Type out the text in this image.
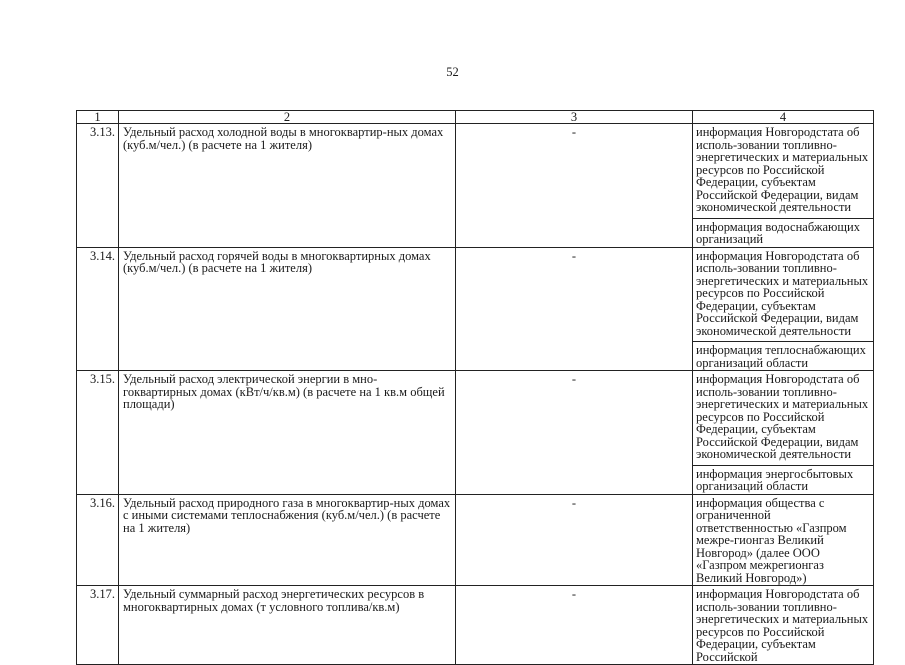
52
1	2	3	4
3.13.	Удельный расход холодной воды в многоквартир-ных домах (куб.м/чел.) (в расчете на 1 жителя)	-	информация Новгородстата об исполь-зовании топливно-энергетических и материальных ресурсов по Российской Федерации, субъектам Российской Федерации, видам экономической деятельности
информация водоснабжающих организаций

3.14.	Удельный расход горячей воды в многоквартирных домах (куб.м/чел.) (в расчете на 1 жителя)	-	информация Новгородстата об исполь-зовании топливно-энергетических и материальных ресурсов по Российской Федерации, субъектам Российской Федерации, видам экономической деятельности
информация теплоснабжающих организаций области

3.15.	Удельный расход электрической энергии в мно-гоквартирных домах (кВт/ч/кв.м) (в расчете на 1 кв.м общей площади)	-	информация Новгородстата об исполь-зовании топливно-энергетических и материальных ресурсов по Российской Федерации, субъектам Российской Федерации, видам экономической деятельности
информация энергосбытовых организаций области

3.16.	Удельный расход природного газа в многоквартир-ных домах с иными системами теплоснабжения (куб.м/чел.) (в расчете на 1 жителя)	-	информация общества с ограниченной ответственностью «Газпром межре-гионгаз Великий Новгород» (далее ООО «Газпром межрегионгаз Великий Новгород»)

3.17.	Удельный суммарный расход энергетических ресурсов в многоквартирных домах (т условного топлива/кв.м)	-	информация Новгородстата об исполь-зовании топливно-энергетических и материальных ресурсов по Российской Федерации, субъектам Российской
